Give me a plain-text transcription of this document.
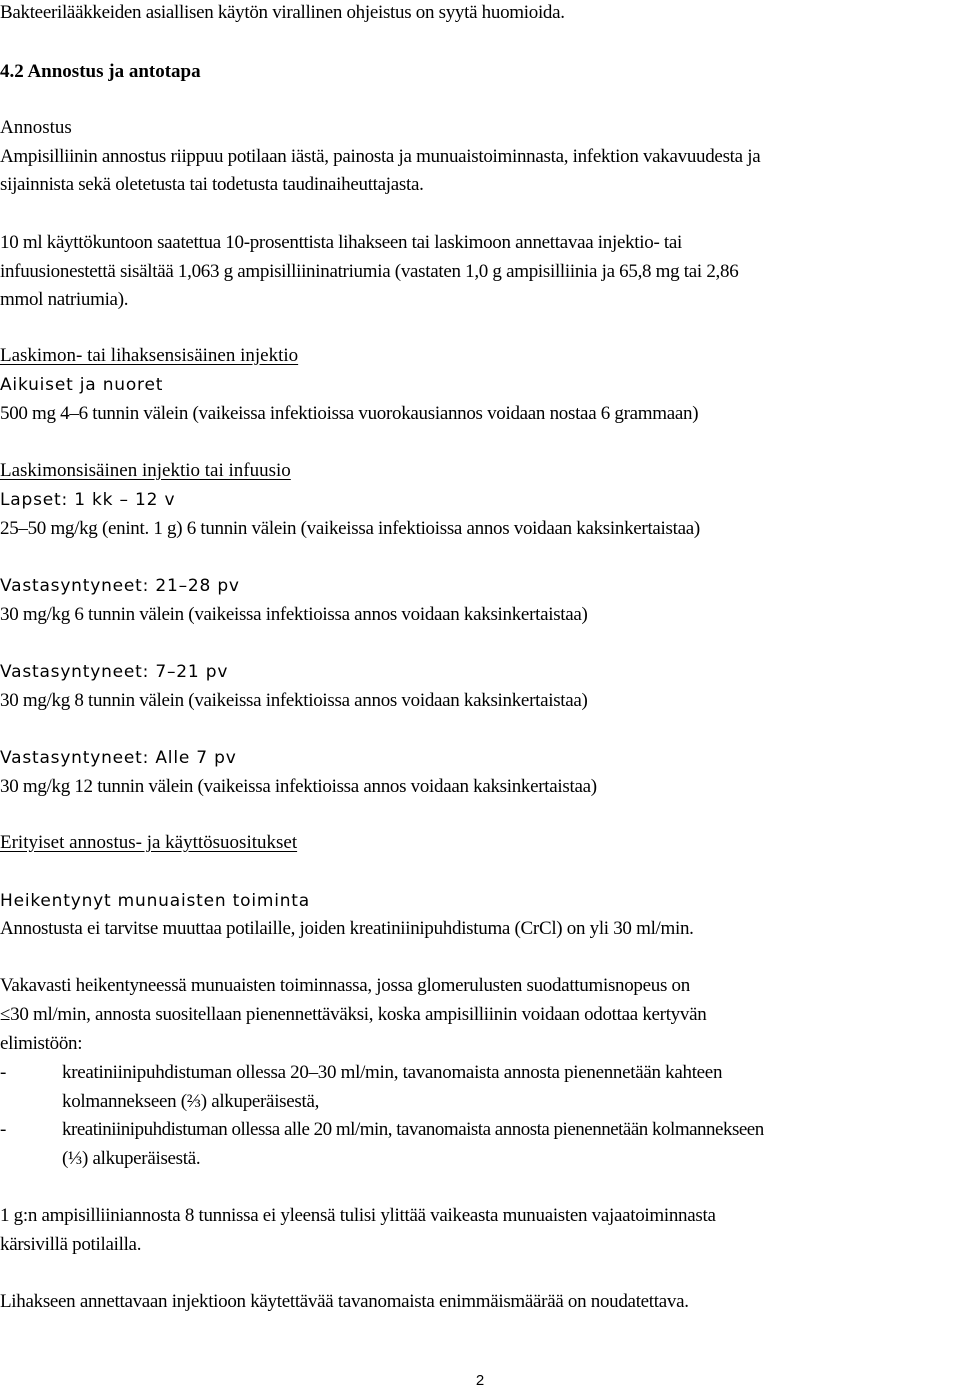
Bakteerilääkkeiden asiallisen käytön virallinen ohjeistus on syytä huomioida.
4.2 Annostus ja antotapa
Annostus
Ampisilliinin annostus riippuu potilaan iästä, painosta ja munuaistoiminnasta, infektion vakavuudesta ja
sijainnista sekä oletetusta tai todetusta taudinaiheuttajasta.
10 ml käyttökuntoon saatettua 10-prosenttista lihakseen tai laskimoon annettavaa injektio- tai
infuusionestettä sisältää 1,063 g ampisilliininatriumia (vastaten 1,0 g ampisilliinia ja 65,8 mg tai 2,86
mmol natriumia).
Laskimon- tai lihaksensisäinen injektio
Aikuiset ja nuoret
500 mg 4–6 tunnin välein (vaikeissa infektioissa vuorokausiannos voidaan nostaa 6 grammaan)
Laskimonsisäinen injektio tai infuusio
Lapset: 1 kk – 12 v
25–50 mg/kg (enint. 1 g) 6 tunnin välein (vaikeissa infektioissa annos voidaan kaksinkertaistaa)
Vastasyntyneet: 21–28 pv
30 mg/kg 6 tunnin välein (vaikeissa infektioissa annos voidaan kaksinkertaistaa)
Vastasyntyneet: 7–21 pv
30 mg/kg 8 tunnin välein (vaikeissa infektioissa annos voidaan kaksinkertaistaa)
Vastasyntyneet: Alle 7 pv
30 mg/kg 12 tunnin välein (vaikeissa infektioissa annos voidaan kaksinkertaistaa)
Erityiset annostus- ja käyttösuositukset
Heikentynyt munuaisten toiminta
Annostusta ei tarvitse muuttaa potilaille, joiden kreatiniinipuhdistuma (CrCl) on yli 30 ml/min.
Vakavasti heikentyneessä munuaisten toiminnassa, jossa glomerulusten suodattumisnopeus on
≤30 ml/min, annosta suositellaan pienennettäväksi, koska ampisilliinin voidaan odottaa kertyvän
elimistöön:
-	kreatiniinipuhdistuman ollessa 20–30 ml/min, tavanomaista annosta pienennetään kahteen
kolmannekseen (⅔) alkuperäisestä,
-	kreatiniinipuhdistuman ollessa alle 20 ml/min, tavanomaista annosta pienennetään kolmannekseen
(⅓) alkuperäisestä.
1 g:n ampisilliiniannosta 8 tunnissa ei yleensä tulisi ylittää vaikeasta munuaisten vajaatoiminnasta
kärsivillä potilailla.
Lihakseen annettavaan injektioon käytettävää tavanomaista enimmäismäärää on noudatettava.
2
